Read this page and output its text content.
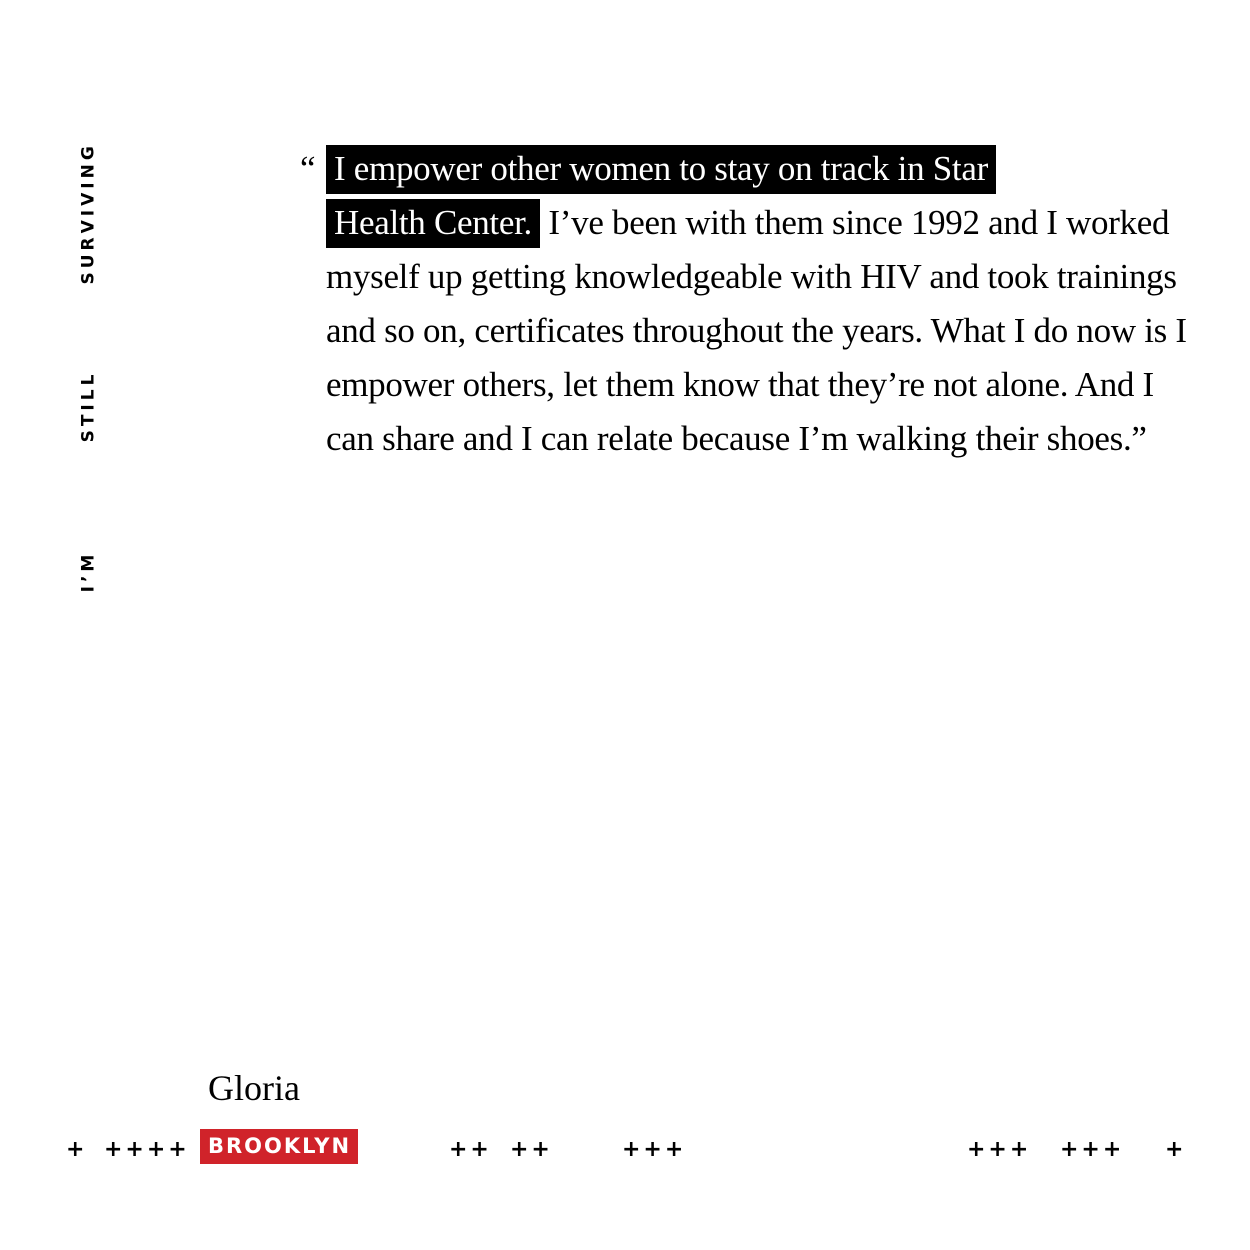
SURVIVING
STILL
I’M
“ I empower other women to stay on track in Star
Health Center. I’ve been with them since 1992 and I worked myself up getting knowledgeable with HIV and took trainings and so on, certificates throughout the years. What I do now is I empower others, let them know that they’re not alone. And I can share and I can relate because I’m walking their shoes.”
Gloria
+ ++++ BROOKLYN	++ ++	+++	+++ +++ +
